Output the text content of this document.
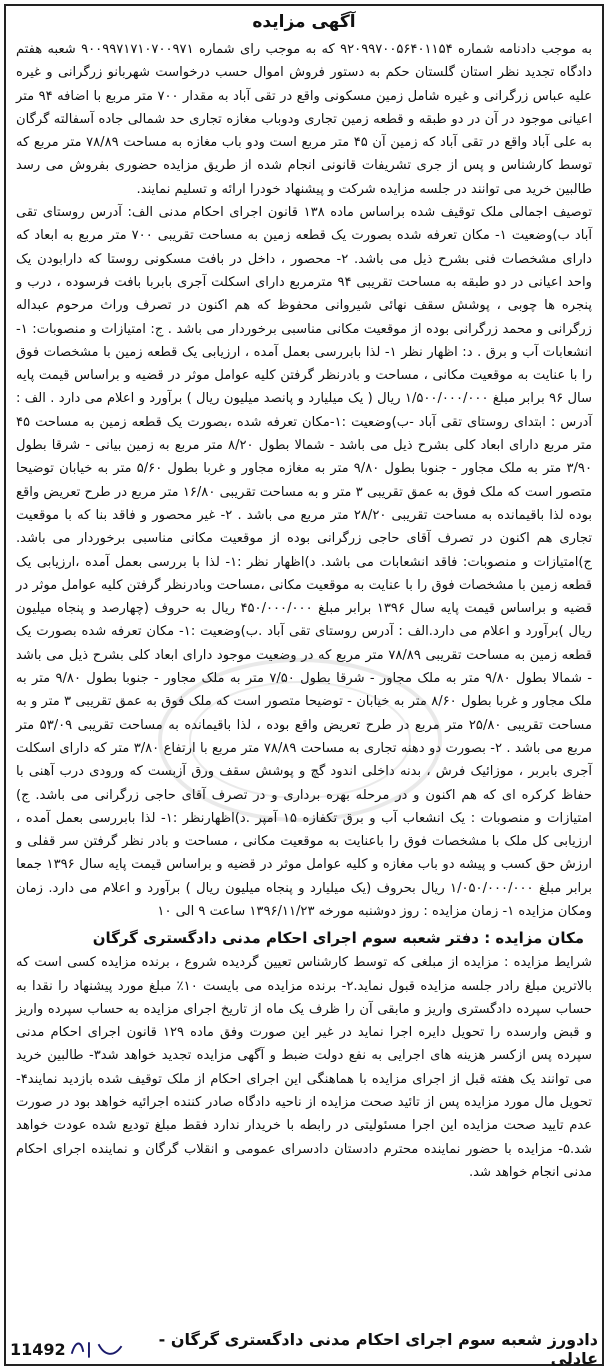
آگهی مزایده

به موجب دادنامه شماره ۹۲۰۹۹۷۰۰۵۶۴۰۱۱۵۴ که به موجب رای شماره ۹۰۰۹۹۷۱۷۱۰۷۰۰۹۷۱ شعبه هفتم دادگاه تجدید نظر استان گلستان حکم به دستور فروش اموال حسب درخواست شهربانو زرگرانی و غیره علیه عباس زرگرانی و غیره شامل زمین مسکونی واقع در تقی آباد به مقدار ۷۰۰ متر مربع با اضافه ۹۴ متر اعیانی موجود در آن در دو طبقه و قطعه زمین تجاری ودوباب مغازه تجاری حد شمالی جاده آسفالته گرگان به علی آباد واقع در تقی آباد که زمین آن ۴۵ متر مربع است ودو باب مغازه به مساحت ۷۸/۸۹ متر مربع که توسط کارشناس و پس از جری تشریفات قانونی انجام شده از طریق مزایده حضوری بفروش می رسد طالبین خرید می توانند در جلسه مزایده شرکت و پیشنهاد خودرا ارائه و تسلیم نمایند.

توصیف اجمالی ملک توقیف شده براساس ماده ۱۳۸ قانون اجرای احکام مدنی الف: آدرس روستای تقی آباد ب)وضعیت ۱- مکان تعرفه شده بصورت یک قطعه زمین به مساحت تقریبی ۷۰۰ متر مربع به ابعاد که دارای مشخصات فنی بشرح ذیل می باشد. ۲- محصور ، داخل در بافت مسکونی روستا که دارابودن یک واحد اعیانی در دو طبقه به مساحت تقریبی ۹۴ مترمربع دارای اسکلت آجری بابربا بافت فرسوده ، درب و پنجره ها چوبی ، پوشش سقف نهائی شیروانی محفوظ که هم اکنون در تصرف وراث مرحوم عبداله زرگرانی و محمد زرگرانی بوده از موقعیت مکانی مناسبی برخوردار می باشد . ج: امتیازات و منصوبات: ۱- انشعابات آب و برق . د: اظهار نظر ۱- لذا بابررسی بعمل آمده ، ارزیابی یک قطعه زمین با مشخصات فوق را با عنایت به موقعیت مکانی ، مساحت و بادرنظر گرفتن کلیه عوامل موثر در قضیه و براساس قیمت پایه سال ۹۶ برابر مبلغ ۱/۵۰۰/۰۰۰/۰۰۰ ریال ( یک میلیارد و پانصد میلیون ریال ) برآورد و اعلام می دارد . الف : آدرس : ابتدای روستای تقی آباد -ب)وضعیت :۱-مکان تعرفه شده ،بصورت یک قطعه زمین به مساحت ۴۵ متر مربع دارای ابعاد کلی بشرح ذیل می باشد - شمالا بطول ۸/۲۰ متر مربع به زمین بیانی - شرقا بطول ۳/۹۰ متر به ملک مجاور - جنوبا بطول ۹/۸۰ متر به مغازه مجاور و غربا بطول ۵/۶۰ متر به خیابان توضیحا متصور است که ملک فوق به عمق تقریبی ۳ متر و به مساحت تقریبی ۱۶/۸۰ متر مربع در طرح تعریض واقع بوده لذا باقیمانده به مساحت تقریبی ۲۸/۲۰ متر مربع می باشد . ۲- غیر محصور و فاقد بنا که با موقعیت تجاری هم اکنون در تصرف آقای حاجی زرگرانی بوده از موقعیت مکانی مناسبی برخوردار می باشد. ج)امتیازات و منصوبات: فاقد انشعابات می باشد. د)اظهار نظر :۱- لذا با بررسی بعمل آمده ،ارزیابی یک قطعه زمین با مشخصات فوق را با عنایت به موقعیت مکانی ،مساحت وبادرنظر گرفتن کلیه عوامل موثر در قضیه و براساس قیمت پایه سال ۱۳۹۶ برابر مبلغ ۴۵۰/۰۰۰/۰۰۰ ریال به حروف (چهارصد و پنجاه میلیون ریال )برآورد و اعلام می دارد.الف : آدرس روستای تقی آباد .ب)وضعیت :۱- مکان تعرفه شده بصورت یک قطعه زمین به مساحت تقریبی ۷۸/۸۹ متر مربع که در وضعیت موجود دارای ابعاد کلی بشرح ذیل می باشد - شمالا بطول ۹/۸۰ متر به ملک مجاور - شرقا بطول ۷/۵۰ متر به ملک مجاور - جنوبا بطول ۹/۸۰ متر به ملک مجاور و غربا بطول ۸/۶۰ متر به خیابان - توضیحا متصور است که ملک فوق به عمق تقریبی ۳ متر و به مساحت تقریبی ۲۵/۸۰ متر مربع در طرح تعریض واقع بوده ، لذا باقیمانده به مساحت تقریبی ۵۳/۰۹ متر مربع می باشد . ۲- بصورت دو دهنه تجاری به مساحت ۷۸/۸۹ متر مربع با ارتفاع ۳/۸۰ متر که دارای اسکلت آجری بابربر ، موزائیک فرش ، بدنه داخلی اندود گچ و پوشش سقف ورق آزبست که ورودی درب آهنی با حفاظ کرکره ای که هم اکنون و در مرحله بهره برداری و در تصرف آقای حاجی زرگرانی می باشد. ج) امتیازات و منصوبات : یک انشعاب آب و برق تکفازه ۱۵ آمپر .د)اظهارنظر :۱- لذا بابررسی بعمل آمده ، ارزیابی کل ملک با مشخصات فوق را باعنایت به موقعیت مکانی ، مساحت و بادر نظر گرفتن سر قفلی و ارزش حق کسب و پیشه دو باب مغازه و کلیه عوامل موثر در قضیه و براساس قیمت پایه سال ۱۳۹۶ جمعا برابر مبلغ ۱/۰۵۰/۰۰۰/۰۰۰ ریال بحروف (یک میلیارد و پنجاه میلیون ریال ) برآورد و اعلام می دارد. زمان ومکان مزایده ۱- زمان مزایده : روز دوشنبه مورخه ۱۳۹۶/۱۱/۲۳ ساعت ۹ الی ۱۰

مکان مزایده : دفتر شعبه سوم اجرای احکام مدنی دادگستری گرگان
شرایط مزایده : مزایده از مبلغی که توسط کارشناس تعیین گردیده شروع ، برنده مزایده کسی است که بالاترین مبلغ رادر جلسه مزایده قبول نماید.۲- برنده مزایده می بایست ۱۰٪ مبلغ مورد پیشنهاد را نقدا به حساب سپرده دادگستری واریز و مابقی آن را ظرف یک ماه از تاریخ اجرای مزایده به حساب سپرده واریز و قبض وارسده را تحویل دایره اجرا نماید در غیر این صورت وفق ماده ۱۲۹ قانون اجرای احکام مدنی سپرده پس ازکسر هزینه های اجرایی به نفع دولت ضبط و آگهی مزایده تجدید خواهد شد۳- طالبین خرید می توانند یک هفته قبل از اجرای مزایده با هماهنگی این اجرای احکام از ملک توقیف شده بازدید نمایند۴- تحویل مال مورد مزایده پس از تائید صحت مزایده از ناحیه دادگاه صادر کننده اجرائیه خواهد بود در صورت عدم تایید صحت مزایده این اجرا مسئولیتی در رابطه با خریدار ندارد فقط مبلغ تودیع شده عودت خواهد شد.۵- مزایده با حضور نماینده محترم دادستان دادسرای عمومی و انقلاب گرگان و نماینده اجرای احکام مدنی انجام خواهد شد.
دادورز شعبه سوم اجرای احکام مدنی دادگستری گرگان - عادلی
11492
